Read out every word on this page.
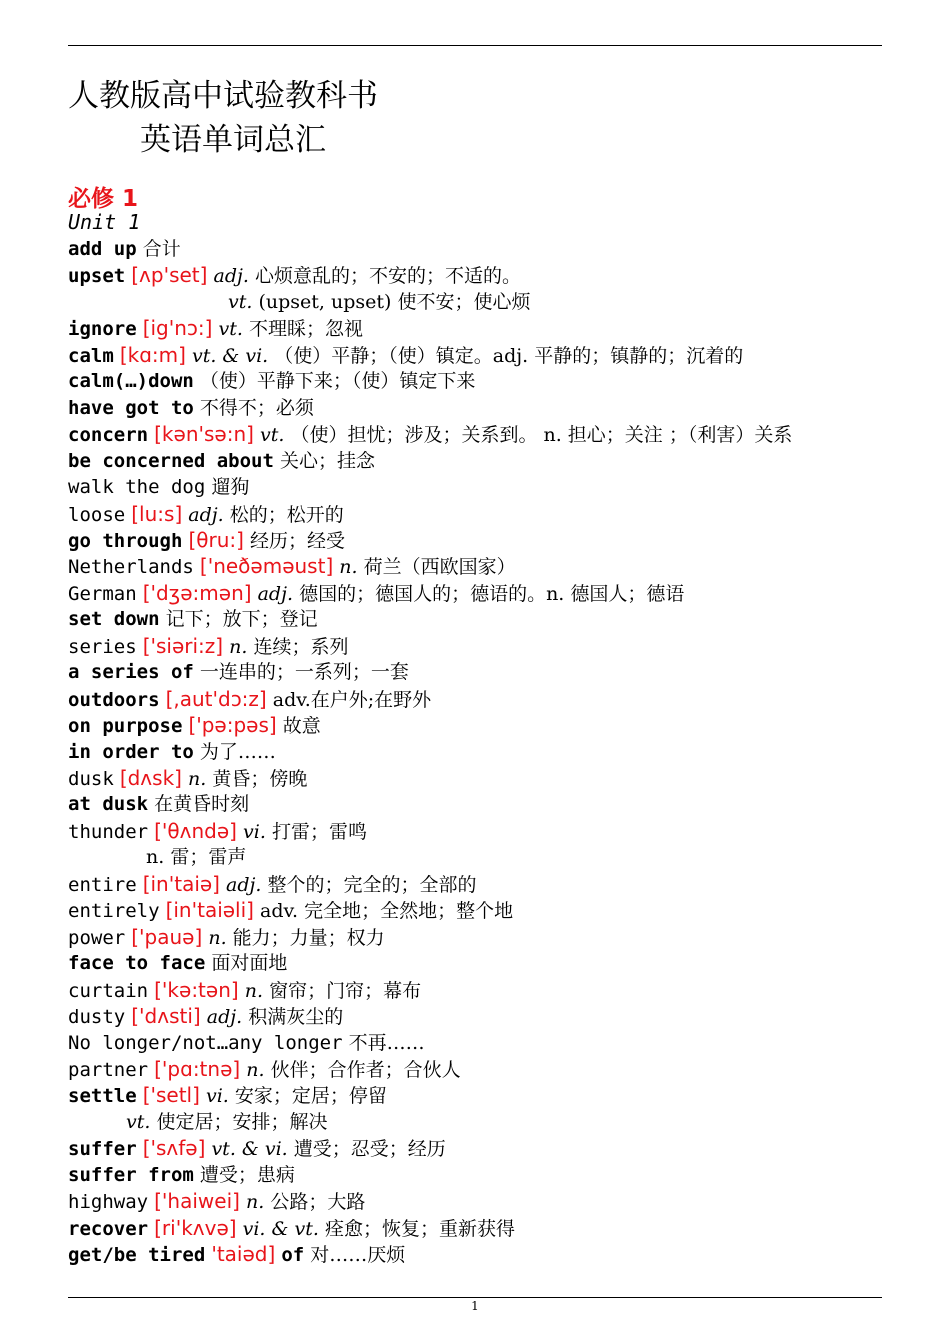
人教版高中试验教科书
英语单词总汇
必修 1
Unit 1
add up 合计
upset [ʌp'set] adj. 心烦意乱的；不安的；不适的。
vt. (upset, upset) 使不安；使心烦
ignore [ig'nɔ:] vt. 不理睬；忽视
calm [kɑ:m] vt. & vi. （使）平静；（使）镇定。adj. 平静的；镇静的；沉着的
calm(…)down （使）平静下来；（使）镇定下来
have got to 不得不；必须
concern [kən'sə:n] vt. （使）担忧；涉及；关系到。 n. 担心；关注 ；（利害）关系
be concerned about 关心；挂念
walk the dog 遛狗
loose [lu:s] adj. 松的；松开的
go through [θru:] 经历；经受
Netherlands ['neðəməust] n. 荷兰（西欧国家）
German ['dʒə:mən] adj. 德国的；德国人的；德语的。n. 德国人；德语
set down 记下；放下；登记
series ['siəri:z] n. 连续；系列
a series of 一连串的；一系列；一套
outdoors [,aut'dɔ:z] adv.在户外;在野外
on purpose ['pə:pəs] 故意
in order to 为了……
dusk [dʌsk] n. 黄昏；傍晚
at dusk 在黄昏时刻
thunder ['θʌndə] vi. 打雷；雷鸣
n. 雷；雷声
entire [in'taiə] adj. 整个的；完全的；全部的
entirely [in'taiəli] adv. 完全地；全然地；整个地
power ['pauə] n. 能力；力量；权力
face to face 面对面地
curtain ['kə:tən] n. 窗帘；门帘；幕布
dusty ['dʌsti] adj. 积满灰尘的
No longer/not…any longer 不再……
partner ['pɑ:tnə] n. 伙伴；合作者；合伙人
settle ['setl] vi. 安家；定居；停留
vt. 使定居；安排；解决
suffer ['sʌfə] vt. & vi. 遭受；忍受；经历
suffer from 遭受；患病
highway ['haiwei] n. 公路；大路
recover [ri'kʌvə] vi. & vt. 痊愈；恢复；重新获得
get/be tired 'taiəd] of 对……厌烦
1
